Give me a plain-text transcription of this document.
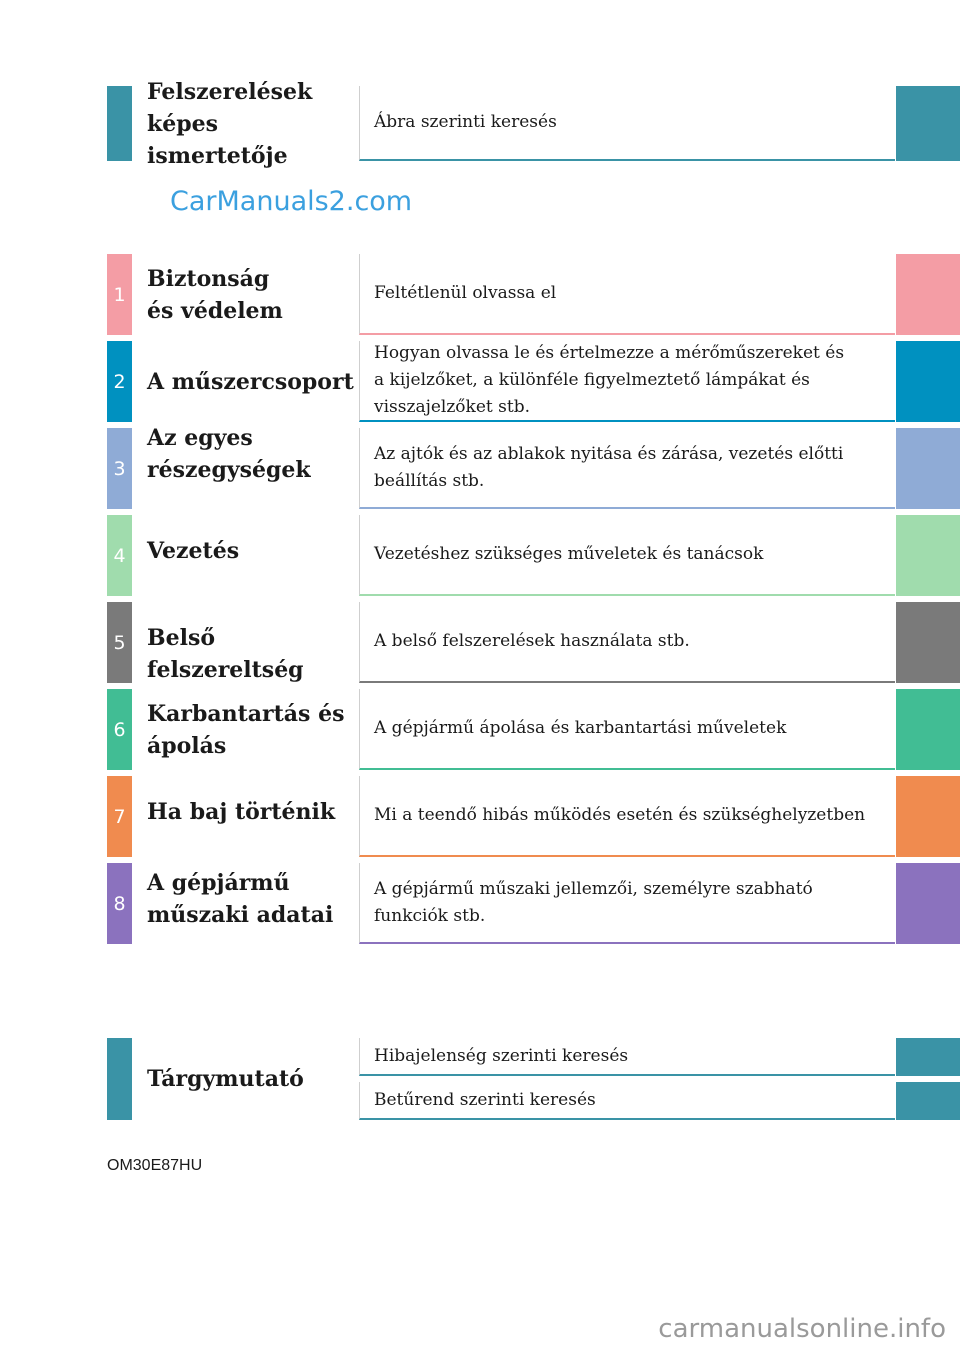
Felszerelések
képes ismertetője
Ábra szerinti keresés
CarManuals2.com
1
Biztonság
és védelem
Feltétlenül olvassa el
2 A műszercsoport
Hogyan olvassa le és értelmezze a mérőműszereket és
a kijelzőket, a különféle figyelmeztető lámpákat és
visszajelzőket stb.
3
Az egyes
részegységek
Az ajtók és az ablakok nyitása és zárása, vezetés előtti
beállítás stb.
4 Vezetés	Vezetéshez szükséges műveletek és tanácsok
5 Belső felszereltség
A belső felszerelések használata stb.
6
Karbantartás és
ápolás
A gépjármű ápolása és karbantartási műveletek
7 Ha baj történik Mi a teendő hibás működés esetén és szükséghelyzetben
8
A gépjármű
műszaki adatai
A gépjármű műszaki jellemzői, személyre szabható
funkciók stb.
Tárgymutató
Hibajelenség szerinti keresés
Betűrend szerinti keresés
OM30E87HU
carmanualsonline.info
